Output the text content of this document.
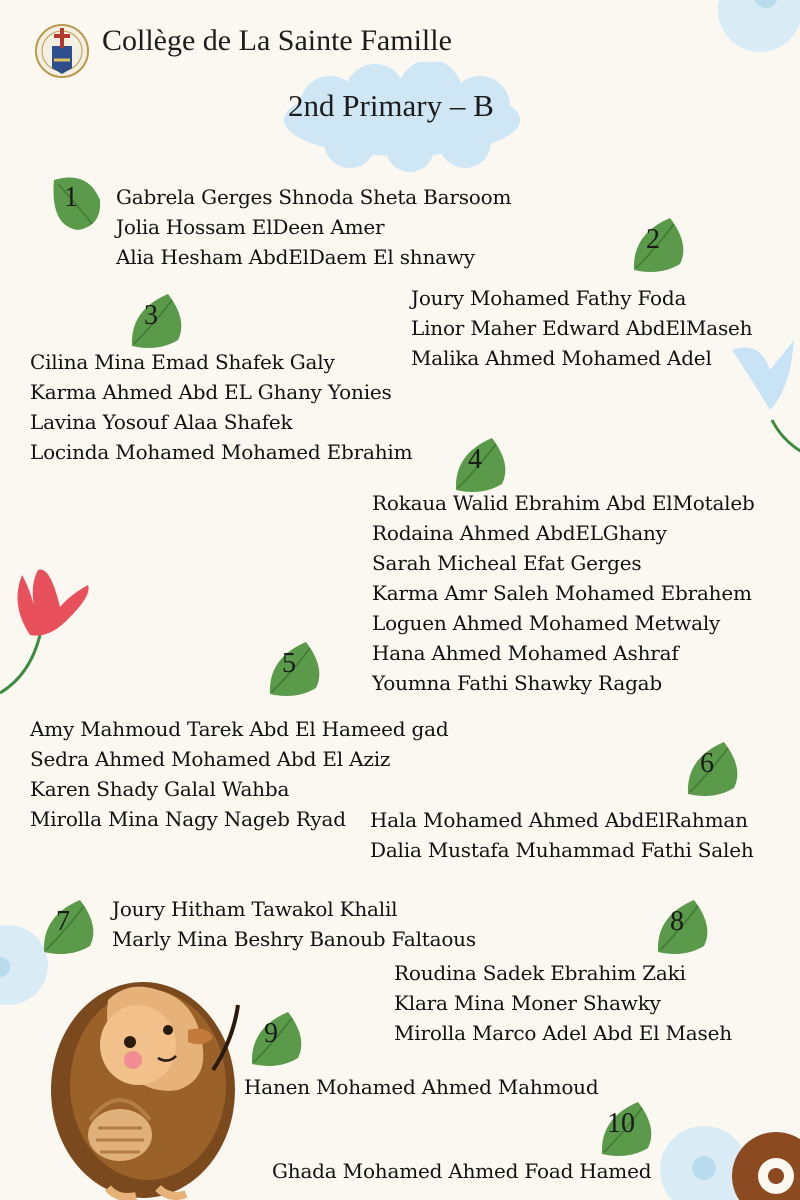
Collège de La Sainte Famille
2nd Primary – B
1	Gabrela Gerges Shnoda Sheta Barsoom
Jolia Hossam ElDeen Amer
Alia Hesham AbdElDaem El shnawy
2
Joury Mohamed Fathy Foda
Linor Maher Edward AbdElMaseh
Malika Ahmed Mohamed Adel
3
Cilina Mina Emad Shafek Galy
Karma Ahmed Abd EL Ghany Yonies
Lavina Yosouf Alaa Shafek
Locinda Mohamed Mohamed Ebrahim	4
Rokaua Walid Ebrahim Abd ElMotaleb
Rodaina Ahmed AbdELGhany
Sarah Micheal Efat Gerges
Karma Amr Saleh Mohamed Ebrahem
Loguen Ahmed Mohamed Metwaly
Hana Ahmed Mohamed Ashraf
Youmna Fathi Shawky Ragab
5
Amy Mahmoud Tarek Abd El Hameed gad
Sedra Ahmed Mohamed Abd El Aziz
Karen Shady Galal Wahba
Mirolla Mina Nagy Nageb Ryad
6
Hala Mohamed Ahmed AbdElRahman
Dalia Mustafa Muhammad Fathi Saleh
7	Joury Hitham Tawakol Khalil
Marly Mina Beshry Banoub Faltaous
8
Roudina Sadek Ebrahim Zaki
Klara Mina Moner Shawky
Mirolla Marco Adel Abd El Maseh
9
Hanen Mohamed Ahmed Mahmoud
10
Ghada Mohamed Ahmed Foad Hamed
